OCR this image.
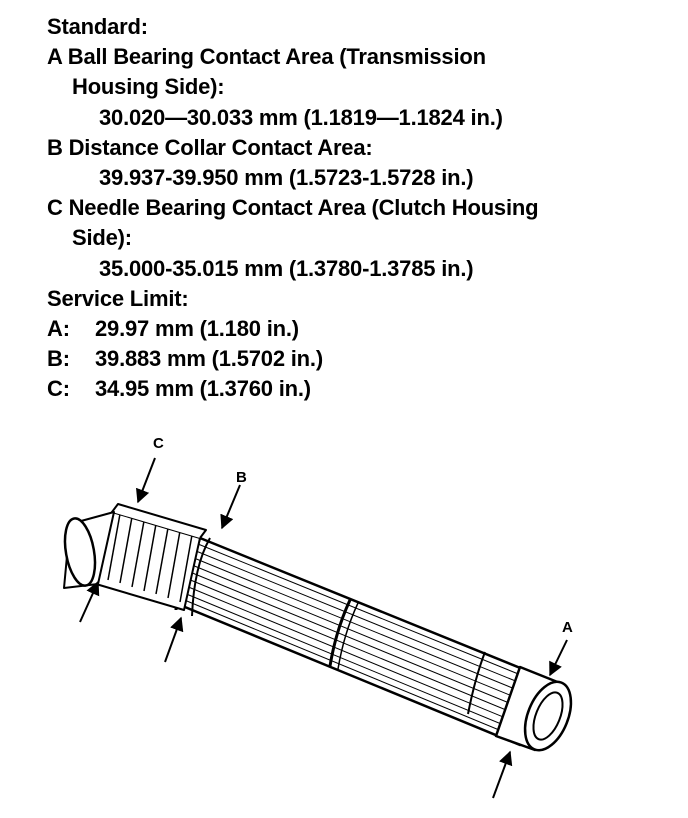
Standard:
A Ball Bearing Contact Area (Transmission
Housing Side):
30.020—30.033 mm (1.1819—1.1824 in.)
B Distance Collar Contact Area:
39.937-39.950 mm (1.5723-1.5728 in.)
C Needle Bearing Contact Area (Clutch Housing
Side):
35.000-35.015 mm (1.3780-1.3785 in.)
Service Limit:
A:	29.97 mm (1.180 in.)
B:	39.883 mm (1.5702 in.)
C:	34.95 mm (1.3760 in.)
C
B
A
